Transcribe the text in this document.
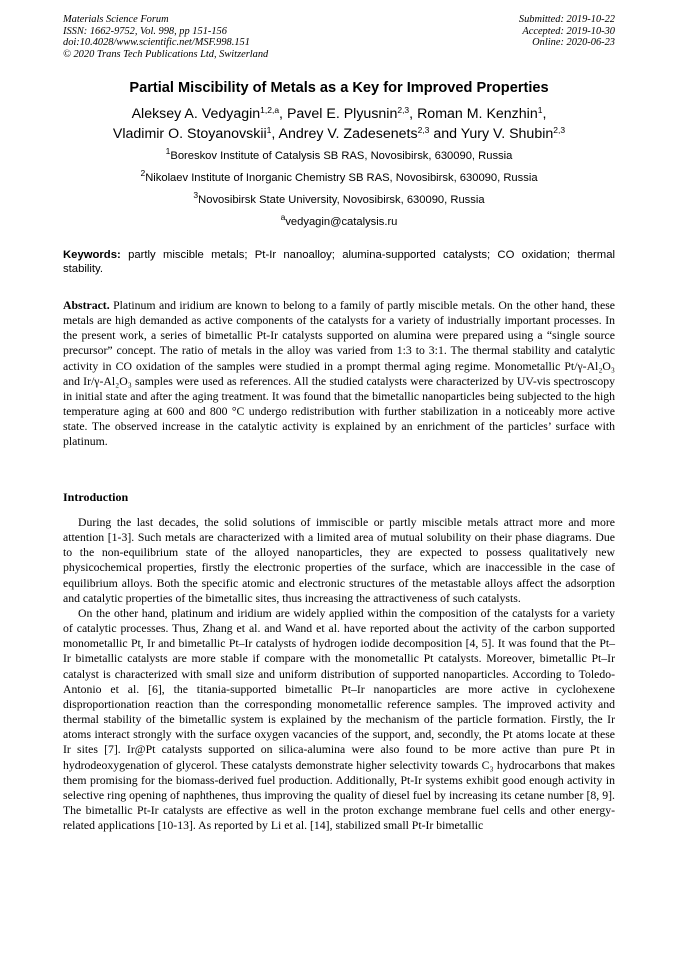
Materials Science Forum
ISSN: 1662-9752, Vol. 998, pp 151-156
doi:10.4028/www.scientific.net/MSF.998.151
© 2020 Trans Tech Publications Ltd, Switzerland
Submitted: 2019-10-22
Accepted: 2019-10-30
Online: 2020-06-23
Partial Miscibility of Metals as a Key for Improved Properties
Aleksey A. Vedyagin$^{1,2,a}$, Pavel E. Plyusnin$^{2,3}$, Roman M. Kenzhin$^1$,
Vladimir O. Stoyanovskii$^1$, Andrey V. Zadesenets$^{2,3}$ and Yury V. Shubin$^{2,3}$
$^1$Boreskov Institute of Catalysis SB RAS, Novosibirsk, 630090, Russia
$^2$Nikolaev Institute of Inorganic Chemistry SB RAS, Novosibirsk, 630090, Russia
$^3$Novosibirsk State University, Novosibirsk, 630090, Russia
$^a$vedyagin@catalysis.ru
Keywords: partly miscible metals; Pt-Ir nanoalloy; alumina-supported catalysts; CO oxidation; thermal stability.
Abstract. Platinum and iridium are known to belong to a family of partly miscible metals. On the other hand, these metals are high demanded as active components of the catalysts for a variety of industrially important processes. In the present work, a series of bimetallic Pt-Ir catalysts supported on alumina were prepared using a “single source precursor” concept. The ratio of metals in the alloy was varied from 1:3 to 3:1. The thermal stability and catalytic activity in CO oxidation of the samples were studied in a prompt thermal aging regime. Monometallic Pt/γ-Al₂O₃ and Ir/γ-Al₂O₃ samples were used as references. All the studied catalysts were characterized by UV-vis spectroscopy in initial state and after the aging treatment. It was found that the bimetallic nanoparticles being subjected to the high temperature aging at 600 and 800 °C undergo redistribution with further stabilization in a noticeably more active state. The observed increase in the catalytic activity is explained by an enrichment of the particles’ surface with platinum.
Introduction

During the last decades, the solid solutions of immiscible or partly miscible metals attract more and more attention [1-3]. Such metals are characterized with a limited area of mutual solubility on their phase diagrams. Due to the non-equilibrium state of the alloyed nanoparticles, they are expected to possess qualitatively new physicochemical properties, firstly the electronic properties of the surface, which are inaccessible in the case of equilibrium alloys. Both the specific atomic and electronic structures of the metastable alloys affect the adsorption and catalytic properties of the bimetallic sites, thus increasing the attractiveness of such catalysts.

On the other hand, platinum and iridium are widely applied within the composition of the catalysts for a variety of catalytic processes. Thus, Zhang et al. and Wand et al. have reported about the activity of the carbon supported monometallic Pt, Ir and bimetallic Pt–Ir catalysts of hydrogen iodide decomposition [4, 5]. It was found that the Pt–Ir bimetallic catalysts are more stable if compare with the monometallic Pt catalysts. Moreover, bimetallic Pt–Ir catalyst is characterized with small size and uniform distribution of supported nanoparticles. According to Toledo-Antonio et al. [6], the titania-supported bimetallic Pt–Ir nanoparticles are more active in cyclohexene disproportionation reaction than the corresponding monometallic reference samples. The improved activity and thermal stability of the bimetallic system is explained by the mechanism of the particle formation. Firstly, the Ir atoms interact strongly with the surface oxygen vacancies of the support, and, secondly, the Pt atoms locate at these Ir sites [7]. Ir@Pt catalysts supported on silica-alumina were also found to be more active than pure Pt in hydrodeoxygenation of glycerol. These catalysts demonstrate higher selectivity towards C₃ hydrocarbons that makes them promising for the biomass-derived fuel production. Additionally, Pt-Ir systems exhibit good enough activity in selective ring opening of naphthenes, thus improving the quality of diesel fuel by increasing its cetane number [8, 9]. The bimetallic Pt-Ir catalysts are effective as well in the proton exchange membrane fuel cells and other energy-related applications [10-13]. As reported by Li et al. [14], stabilized small Pt-Ir bimetallic
